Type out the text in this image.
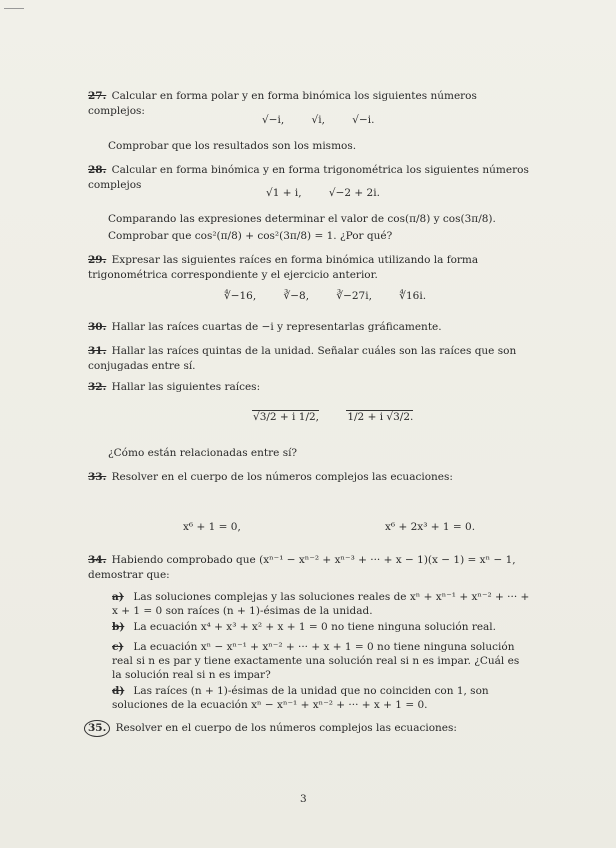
27. Calcular en forma polar y en forma binómica los siguientes números complejos:
√−i,	√i,	√−i.
Comprobar que los resultados son los mismos.
28. Calcular en forma binómica y en forma trigonométrica los siguientes números complejos
√1 + i,	√−2 + 2i.
Comparando las expresiones determinar el valor de cos(π/8) y cos(3π/8).
Comprobar que cos²(π/8) + cos²(3π/8) = 1. ¿Por qué?
29. Expresar las siguientes raíces en forma binómica utilizando la forma trigonométrica correspondiente y el ejercicio anterior.
∜−16,	∛−8,	∛−27i,	∜16i.
30. Hallar las raíces cuartas de −i y representarlas gráficamente.
31. Hallar las raíces quintas de la unidad. Señalar cuáles son las raíces que son conjugadas entre sí.
32. Hallar las siguientes raíces:
√3/2 + i 1/2,	1/2 + i √3/2.
¿Cómo están relacionadas entre sí?
33. Resolver en el cuerpo de los números complejos las ecuaciones:
x⁶ + 1 = 0,	x⁶ + 2x³ + 1 = 0.
34. Habiendo comprobado que (xⁿ⁻¹ − xⁿ⁻² + xⁿ⁻³ + ··· + x − 1)(x − 1) = xⁿ − 1, demostrar que:
a) Las soluciones complejas y las soluciones reales de xⁿ + xⁿ⁻¹ + xⁿ⁻² + ··· + x + 1 = 0 son raíces (n + 1)-ésimas de la unidad.
b) La ecuación x⁴ + x³ + x² + x + 1 = 0 no tiene ninguna solución real.
c) La ecuación xⁿ − xⁿ⁻¹ + xⁿ⁻² + ··· + x + 1 = 0 no tiene ninguna solución real si n es par y tiene exactamente una solución real si n es impar. ¿Cuál es la solución real si n es impar?
d) Las raíces (n + 1)-ésimas de la unidad que no coinciden con 1, son soluciones de la ecuación xⁿ − xⁿ⁻¹ + xⁿ⁻² + ··· + x + 1 = 0.
35. Resolver en el cuerpo de los números complejos las ecuaciones:
3
